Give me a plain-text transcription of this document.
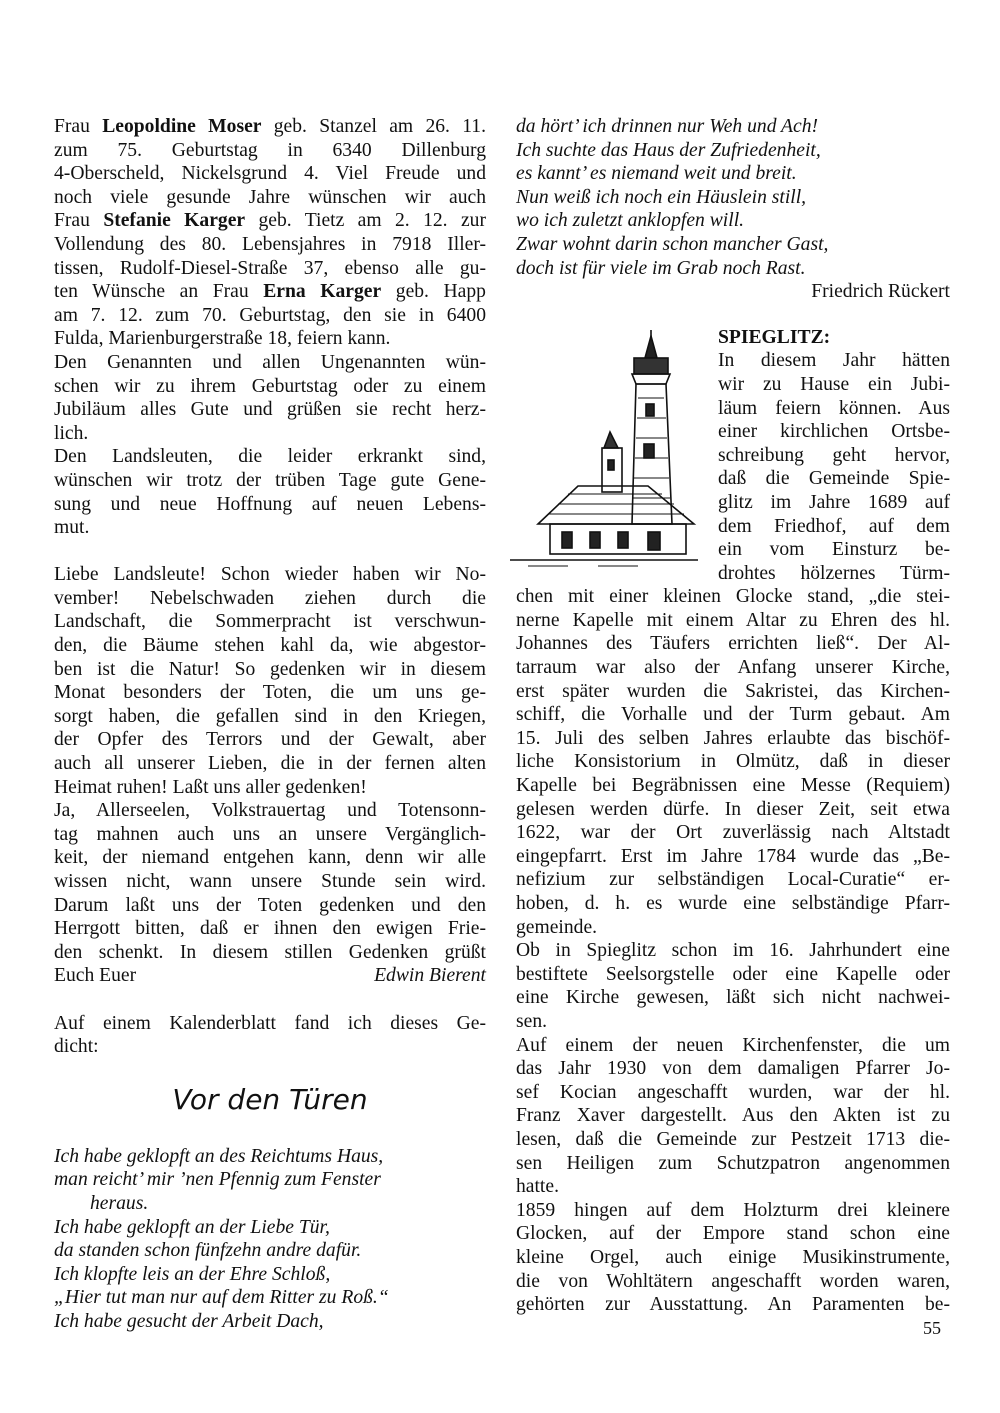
Frau Leopoldine Moser geb. Stanzel am 26. 11.
zum 75. Geburtstag in 6340 Dillenburg
4-Oberscheld, Nickelsgrund 4. Viel Freude und
noch viele gesunde Jahre wünschen wir auch
Frau Stefanie Karger geb. Tietz am 2. 12. zur
Vollendung des 80. Lebensjahres in 7918 Iller-
tissen, Rudolf-Diesel-Straße 37, ebenso alle gu-
ten Wünsche an Frau Erna Karger geb. Happ
am 7. 12. zum 70. Geburtstag, den sie in 6400
Fulda, Marienburgerstraße 18, feiern kann.
Den Genannten und allen Ungenannten wün-
schen wir zu ihrem Geburtstag oder zu einem
Jubiläum alles Gute und grüßen sie recht herz-
lich.
Den Landsleuten, die leider erkrankt sind,
wünschen wir trotz der trüben Tage gute Gene-
sung und neue Hoffnung auf neuen Lebens-
mut.
Liebe Landsleute! Schon wieder haben wir No-
vember! Nebelschwaden ziehen durch die
Landschaft, die Sommerpracht ist verschwun-
den, die Bäume stehen kahl da, wie abgestor-
ben ist die Natur! So gedenken wir in diesem
Monat besonders der Toten, die um uns ge-
sorgt haben, die gefallen sind in den Kriegen,
der Opfer des Terrors und der Gewalt, aber
auch all unserer Lieben, die in der fernen alten
Heimat ruhen! Laßt uns aller gedenken!
Ja, Allerseelen, Volkstrauertag und Totensonn-
tag mahnen auch uns an unsere Vergänglich-
keit, der niemand entgehen kann, denn wir alle
wissen nicht, wann unsere Stunde sein wird.
Darum laßt uns der Toten gedenken und den
Herrgott bitten, daß er ihnen den ewigen Frie-
den schenkt. In diesem stillen Gedenken grüßt
Euch Euer	Edwin Bierent
Auf einem Kalenderblatt fand ich dieses Ge-
dicht:
Vor den Türen
Ich habe geklopft an des Reichtums Haus,
man reicht’ mir ’nen Pfennig zum Fenster
heraus.
Ich habe geklopft an der Liebe Tür,
da standen schon fünfzehn andre dafür.
Ich klopfte leis an der Ehre Schloß,
„Hier tut man nur auf dem Ritter zu Roß.“
Ich habe gesucht der Arbeit Dach,
da hört’ ich drinnen nur Weh und Ach!
Ich suchte das Haus der Zufriedenheit,
es kannt’ es niemand weit und breit.
Nun weiß ich noch ein Häuslein still,
wo ich zuletzt anklopfen will.
Zwar wohnt darin schon mancher Gast,
doch ist für viele im Grab noch Rast.
Friedrich Rückert
SPIEGLITZ:
In diesem Jahr hätten
wir zu Hause ein Jubi-
läum feiern können. Aus
einer kirchlichen Ortsbe-
schreibung geht hervor,
daß die Gemeinde Spie-
glitz im Jahre 1689 auf
dem Friedhof, auf dem
ein vom Einsturz be-
drohtes hölzernes Türm-
chen mit einer kleinen Glocke stand, „die stei-
nerne Kapelle mit einem Altar zu Ehren des hl.
Johannes des Täufers errichten ließ“. Der Al-
tarraum war also der Anfang unserer Kirche,
erst später wurden die Sakristei, das Kirchen-
schiff, die Vorhalle und der Turm gebaut. Am
15. Juli des selben Jahres erlaubte das bischöf-
liche Konsistorium in Olmütz, daß in dieser
Kapelle bei Begräbnissen eine Messe (Requiem)
gelesen werden dürfe. In dieser Zeit, seit etwa
1622, war der Ort zuverlässig nach Altstadt
eingepfarrt. Erst im Jahre 1784 wurde das „Be-
nefizium zur selbständigen Local-Curatie“ er-
hoben, d. h. es wurde eine selbständige Pfarr-
gemeinde.
Ob in Spieglitz schon im 16. Jahrhundert eine
bestiftete Seelsorgstelle oder eine Kapelle oder
eine Kirche gewesen, läßt sich nicht nachwei-
sen.
Auf einem der neuen Kirchenfenster, die um
das Jahr 1930 von dem damaligen Pfarrer Jo-
sef Kocian angeschafft wurden, war der hl.
Franz Xaver dargestellt. Aus den Akten ist zu
lesen, daß die Gemeinde zur Pestzeit 1713 die-
sen Heiligen zum Schutzpatron angenommen
hatte.
1859 hingen auf dem Holzturm drei kleinere
Glocken, auf der Empore stand schon eine
kleine Orgel, auch einige Musikinstrumente,
die von Wohltätern angeschafft worden waren,
gehörten zur Ausstattung. An Paramenten be-
55
